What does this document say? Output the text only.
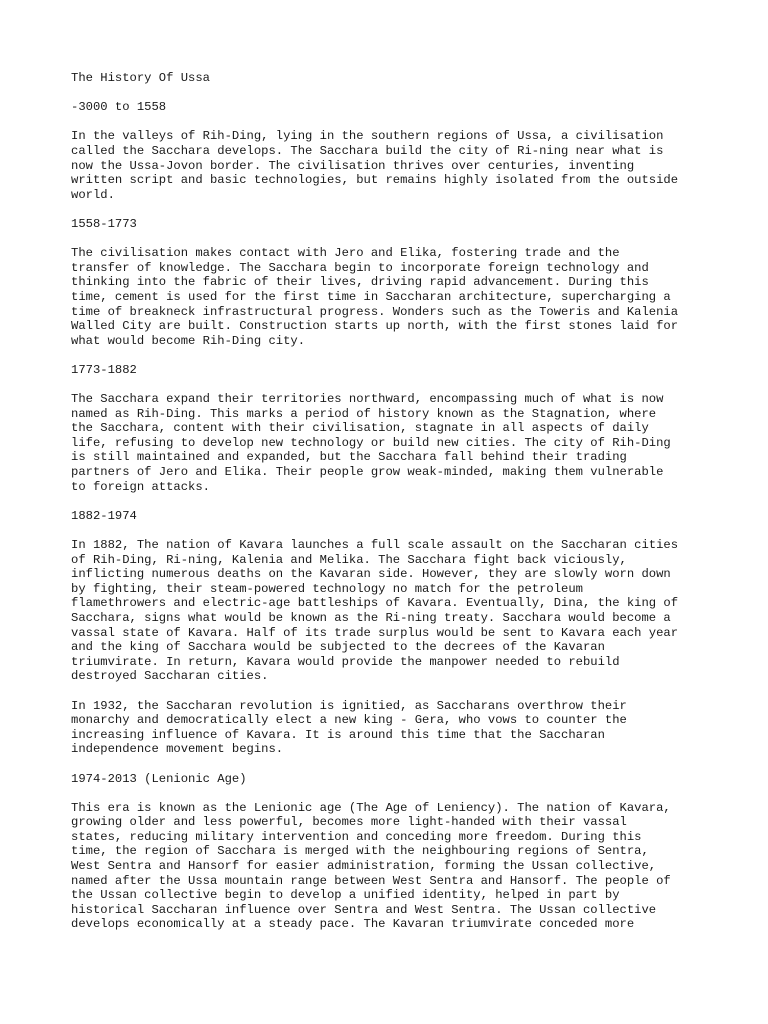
The History Of Ussa

-3000 to 1558

In the valleys of Rih-Ding, lying in the southern regions of Ussa, a civilisation
called the Sacchara develops. The Sacchara build the city of Ri-ning near what is
now the Ussa-Jovon border. The civilisation thrives over centuries, inventing
written script and basic technologies, but remains highly isolated from the outside
world.

1558-1773

The civilisation makes contact with Jero and Elika, fostering trade and the
transfer of knowledge. The Sacchara begin to incorporate foreign technology and
thinking into the fabric of their lives, driving rapid advancement. During this
time, cement is used for the first time in Saccharan architecture, supercharging a
time of breakneck infrastructural progress. Wonders such as the Toweris and Kalenia
Walled City are built. Construction starts up north, with the first stones laid for
what would become Rih-Ding city.

1773-1882

The Sacchara expand their territories northward, encompassing much of what is now
named as Rih-Ding. This marks a period of history known as the Stagnation, where
the Sacchara, content with their civilisation, stagnate in all aspects of daily
life, refusing to develop new technology or build new cities. The city of Rih-Ding
is still maintained and expanded, but the Sacchara fall behind their trading
partners of Jero and Elika. Their people grow weak-minded, making them vulnerable
to foreign attacks.

1882-1974

In 1882, The nation of Kavara launches a full scale assault on the Saccharan cities
of Rih-Ding, Ri-ning, Kalenia and Melika. The Sacchara fight back viciously,
inflicting numerous deaths on the Kavaran side. However, they are slowly worn down
by fighting, their steam-powered technology no match for the petroleum
flamethrowers and electric-age battleships of Kavara. Eventually, Dina, the king of
Sacchara, signs what would be known as the Ri-ning treaty. Sacchara would become a
vassal state of Kavara. Half of its trade surplus would be sent to Kavara each year
and the king of Sacchara would be subjected to the decrees of the Kavaran
triumvirate. In return, Kavara would provide the manpower needed to rebuild
destroyed Saccharan cities.

In 1932, the Saccharan revolution is ignitied, as Saccharans overthrow their
monarchy and democratically elect a new king - Gera, who vows to counter the
increasing influence of Kavara. It is around this time that the Saccharan
independence movement begins.

1974-2013 (Lenionic Age)

This era is known as the Lenionic age (The Age of Leniency). The nation of Kavara,
growing older and less powerful, becomes more light-handed with their vassal
states, reducing military intervention and conceding more freedom. During this
time, the region of Sacchara is merged with the neighbouring regions of Sentra,
West Sentra and Hansorf for easier administration, forming the Ussan collective,
named after the Ussa mountain range between West Sentra and Hansorf. The people of
the Ussan collective begin to develop a unified identity, helped in part by
historical Saccharan influence over Sentra and West Sentra. The Ussan collective
develops economically at a steady pace. The Kavaran triumvirate conceded more
